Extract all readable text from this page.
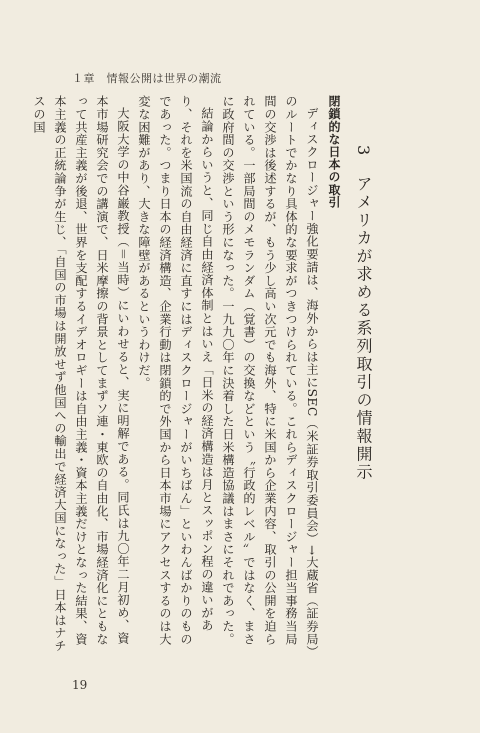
１章　情報公開は世界の潮流
3　アメリカが求める系列取引の情報開示
閉鎖的な日本の取引
ディスクロージャー強化要請は、海外からは主にSEC（米証券取引委員会）→大蔵省（証券局）のルートでかなり具体的な要求がつきつけられている。これらディスクロージャー担当事務当局間の交渉は後述するが、もう少し高い次元でも海外、特に米国から企業内容、取引の公開を迫られている。一部局間のメモランダム（覚書）の交換などという〝行政的レベル〟ではなく、まさに政府間の交渉という形になった。一九九〇年に決着した日米構造協議はまさにそれであった。
結論からいうと、同じ自由経済体制とはいえ「日米の経済構造は月とスッポン程の違いがあり、それを米国流の自由経済に直すにはディスクロージャーがいちばん」といわんばかりのものであった。つまり日本の経済構造、企業行動は閉鎖的で外国から日本市場にアクセスするのは大変な困難があり、大きな障壁があるというわけだ。
大阪大学の中谷巌教授（＝当時）にいわせると、実に明解である。同氏は九〇年二月初め、資本市場研究会での講演で、日米摩擦の背景としてまずソ連・東欧の自由化、市場経済化にともなって共産主義が後退、世界を支配するイデオロギーは自由主義・資本主義だけとなった結果、資本主義の正統論争が生じ、「自国の市場は開放せず他国への輸出で経済大国になった」日本はナチスの国
19
